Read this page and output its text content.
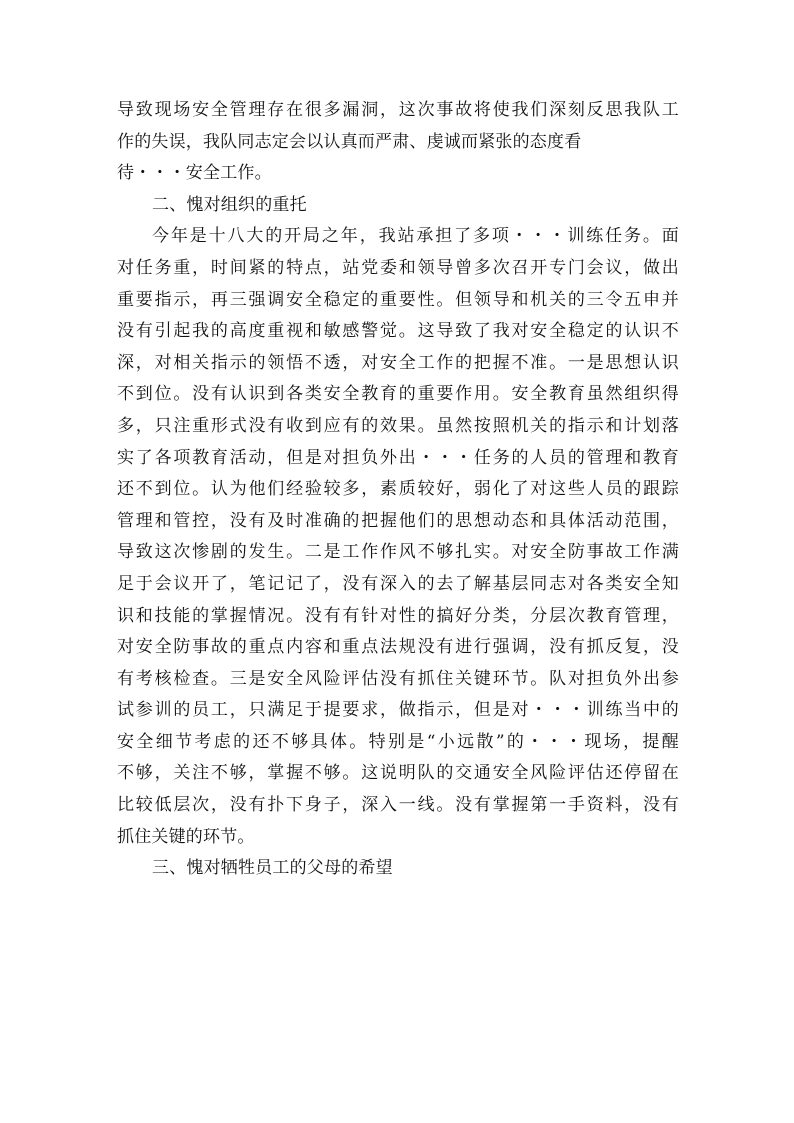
导致现场安全管理存在很多漏洞，这次事故将使我们深刻反思我队工
作的失误，我队同志定会以认真而严肃、虔诚而紧张的态度看
待・・・安全工作。
二、愧对组织的重托
今年是十八大的开局之年，我站承担了多项・・・训练任务。面
对任务重，时间紧的特点，站党委和领导曾多次召开专门会议，做出
重要指示，再三强调安全稳定的重要性。但领导和机关的三令五申并
没有引起我的高度重视和敏感警觉。这导致了我对安全稳定的认识不
深，对相关指示的领悟不透，对安全工作的把握不准。一是思想认识
不到位。没有认识到各类安全教育的重要作用。安全教育虽然组织得
多，只注重形式没有收到应有的效果。虽然按照机关的指示和计划落
实了各项教育活动，但是对担负外出・・・任务的人员的管理和教育
还不到位。认为他们经验较多，素质较好，弱化了对这些人员的跟踪
管理和管控，没有及时准确的把握他们的思想动态和具体活动范围，
导致这次惨剧的发生。二是工作作风不够扎实。对安全防事故工作满
足于会议开了，笔记记了，没有深入的去了解基层同志对各类安全知
识和技能的掌握情况。没有有针对性的搞好分类，分层次教育管理，
对安全防事故的重点内容和重点法规没有进行强调，没有抓反复，没
有考核检查。三是安全风险评估没有抓住关键环节。队对担负外出参
试参训的员工，只满足于提要求，做指示，但是对・・・训练当中的
安全细节考虑的还不够具体。特别是“小远散”的・・・现场，提醒
不够，关注不够，掌握不够。这说明队的交通安全风险评估还停留在
比较低层次，没有扑下身子，深入一线。没有掌握第一手资料，没有
抓住关键的环节。
三、愧对牺牲员工的父母的希望
